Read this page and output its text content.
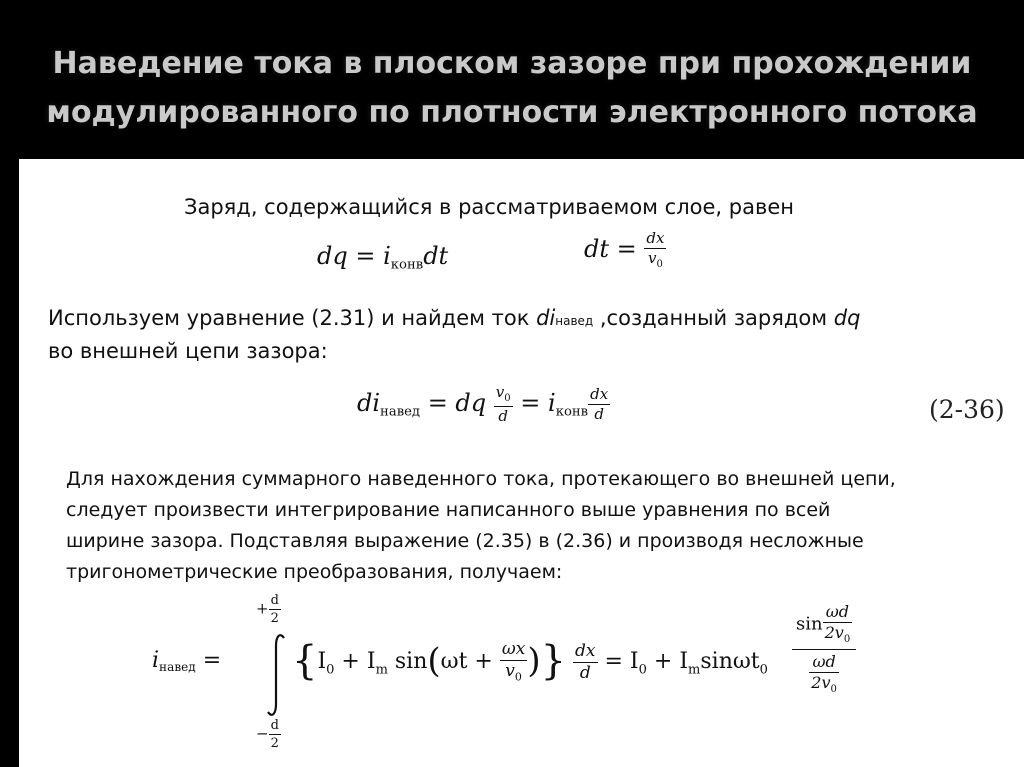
Наведение тока в плоском зазоре при прохождении
модулированного по плотности электронного потока
Заряд, содержащийся в рассматриваемом слое, равен
dq = $i_{конв}dt$	dt = $\frac{dx}{v_0}$
Используем уравнение (2.31) и найдем ток diнавед ,созданный зарядом dq
во внешней цепи зазора:
$di_{навед}$ = dq $\frac{v_0}{d} = i_{конв} \frac{dx}{d}$	(2-36)
Для нахождения суммарного наведенного тока, протекающего во внешней цепи,
следует произвести интегрирование написанного выше уравнения по всей
ширине зазора. Подставляя выражение (2.35) в (2.36) и производя несложные
тригонометрические преобразования, получаем:
$i_{навед}$ =
+ $\frac{d}{2}$
− $\frac{d}{2}$
{$I_0 + I_m$ $\sin(\omega t + \frac{\omega x}{v_0}$ )} $\frac{dx}{d} = I_0 + I_m\sin\omega t_0$
$\sin \frac{\omega d}{2v_0}$
$\frac{\omega d}{2v_0}$
